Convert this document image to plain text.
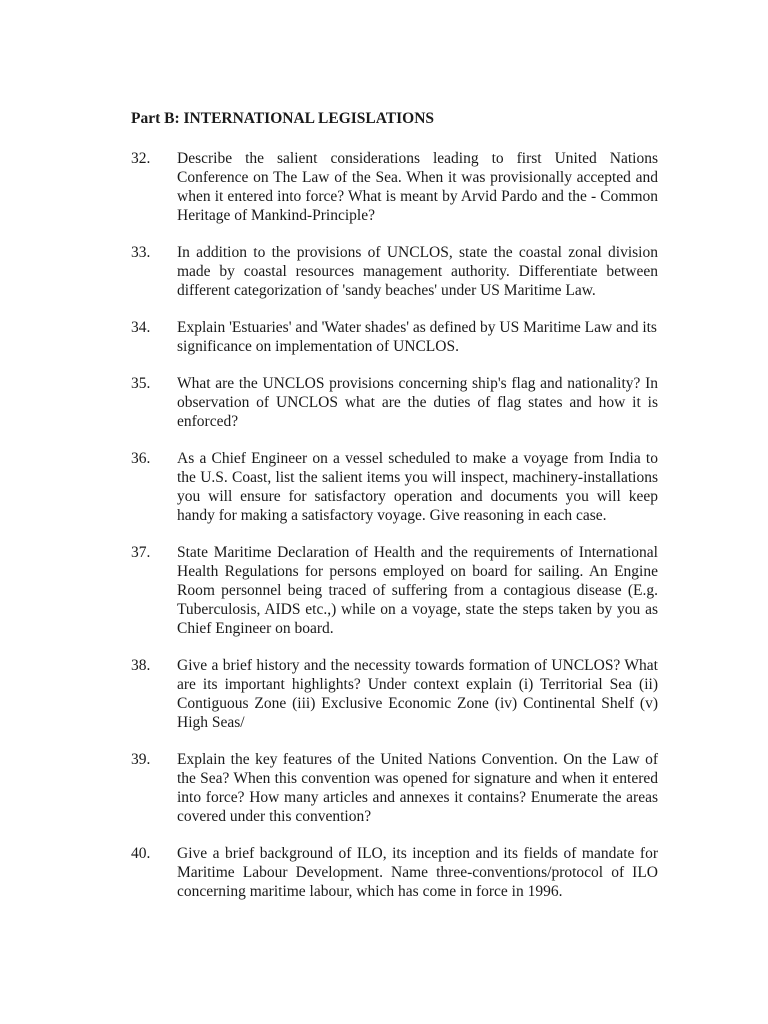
Part B: INTERNATIONAL LEGISLATIONS
32.	Describe the salient considerations leading to first United Nations Conference on The Law of the Sea. When it was provisionally accepted and when it entered into force? What is meant by Arvid Pardo and the - Common Heritage of Mankind-Principle?

33.	In addition to the provisions of UNCLOS, state the coastal zonal division made by coastal resources management authority. Differentiate between different categorization of 'sandy beaches' under US Maritime Law.

34.	Explain 'Estuaries' and 'Water shades' as defined by US Maritime Law and its significance on implementation of UNCLOS.

35.	What are the UNCLOS provisions concerning ship's flag and nationality? In observation of UNCLOS what are the duties of flag states and how it is enforced?

36.	As a Chief Engineer on a vessel scheduled to make a voyage from India to the U.S. Coast, list the salient items you will inspect, machinery-installations you will ensure for satisfactory operation and documents you will keep handy for making a satisfactory voyage. Give reasoning in each case.

37.	State Maritime Declaration of Health and the requirements of International Health Regulations for persons employed on board for sailing. An Engine Room personnel being traced of suffering from a contagious disease (E.g. Tuberculosis, AIDS etc.,) while on a voyage, state the steps taken by you as Chief Engineer on board.

38.	Give a brief history and the necessity towards formation of UNCLOS? What are its important highlights? Under context explain (i) Territorial Sea (ii) Contiguous Zone (iii) Exclusive Economic Zone (iv) Continental Shelf (v) High Seas/

39.	Explain the key features of the United Nations Convention. On the Law of the Sea? When this convention was opened for signature and when it entered into force? How many articles and annexes it contains? Enumerate the areas covered under this convention?

40.	Give a brief background of ILO, its inception and its fields of mandate for Maritime Labour Development. Name three-conventions/protocol of ILO concerning maritime labour, which has come in force in 1996.
